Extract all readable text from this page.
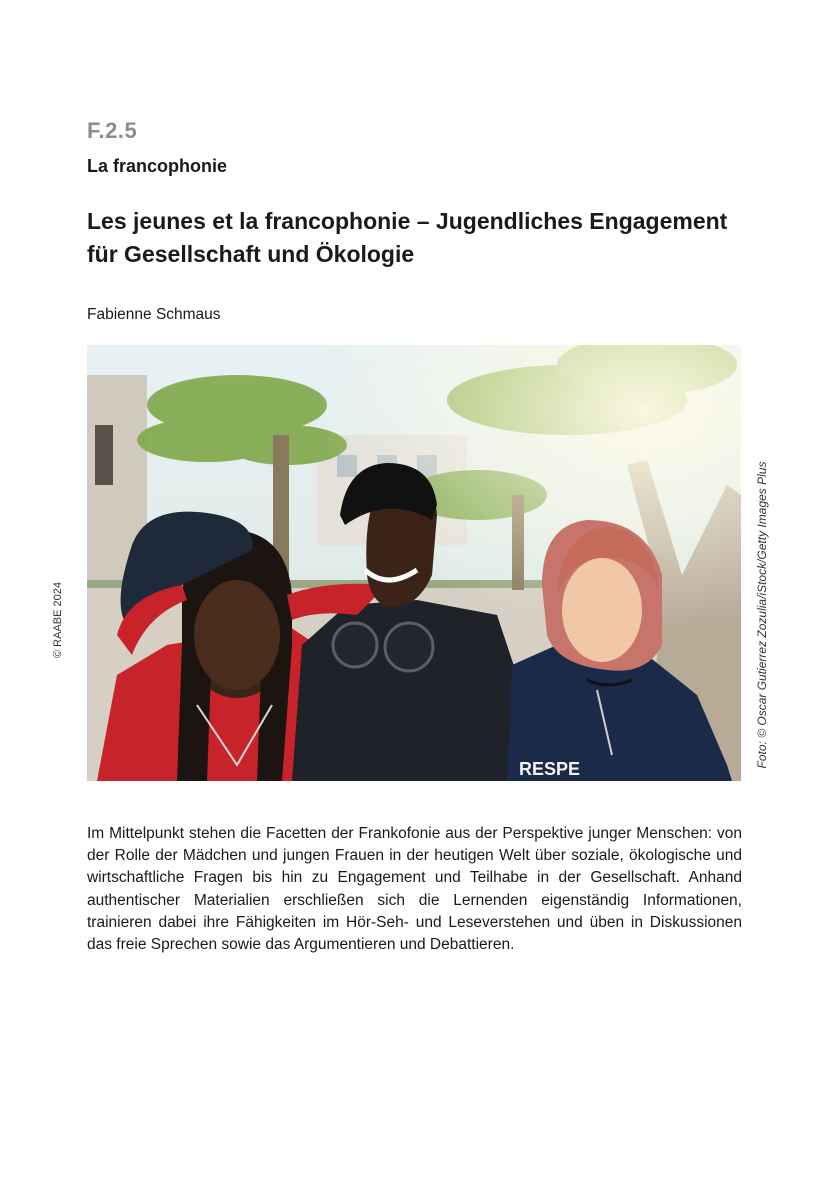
F.2.5
La francophonie
Les jeunes et la francophonie – Jugendliches Engagement für Gesellschaft und Ökologie
Fabienne Schmaus
RESPE
© RAABE 2024	Foto: © Oscar Gutierrez Zozulia/iStock/Getty Images Plus

Im Mittelpunkt stehen die Facetten der Frankofonie aus der Perspektive junger Menschen: von der Rolle der Mädchen und jungen Frauen in der heutigen Welt über soziale, ökologische und wirtschaftliche Fragen bis hin zu Engagement und Teilhabe in der Gesellschaft. Anhand authentischer Materialien erschließen sich die Lernenden eigenständig Informationen, trainieren dabei ihre Fähigkeiten im Hör-Seh- und Leseverstehen und üben in Diskussionen das freie Sprechen sowie das Argumentieren und Debattieren.
